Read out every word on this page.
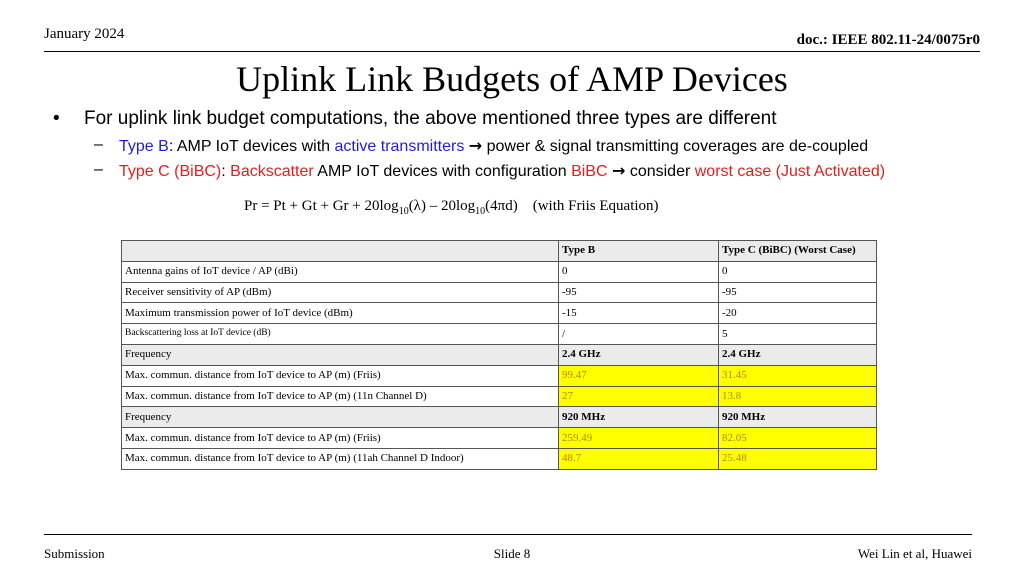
January 2024	doc.: IEEE 802.11-24/0075r0
Uplink Link Budgets of AMP Devices
• For uplink link budget computations, the above mentioned three types are different
– Type B: AMP IoT devices with active transmitters → power & signal transmitting coverages are de-coupled
– Type C (BiBC): Backscatter AMP IoT devices with configuration BiBC → consider worst case (Just Activated)
$Pr = Pt + Gt + Gr + 20\log_{10}(\lambda) - 20\log_{10}(4\pi d)$ (with Friis Equation)
	Type B	Type C (BiBC) (Worst Case)
Antenna gains of IoT device / AP (dBi)	0	0
Receiver sensitivity of AP (dBm)	-95	-95
Maximum transmission power of IoT device (dBm)	-15	-20
Backscattering loss at IoT device (dB)	/	5
Frequency	2.4 GHz	2.4 GHz
Max. commun. distance from IoT device to AP (m) (Friis)	99.47	31.45
Max. commun. distance from IoT device to AP (m) (11n Channel D)	27	13.8
Frequency	920 MHz	920 MHz
Max. commun. distance from IoT device to AP (m) (Friis)	259.49	82.05
Max. commun. distance from IoT device to AP (m) (11ah Channel D Indoor)	48.7	25.48
Submission	Slide 8	Wei Lin et al, Huawei
